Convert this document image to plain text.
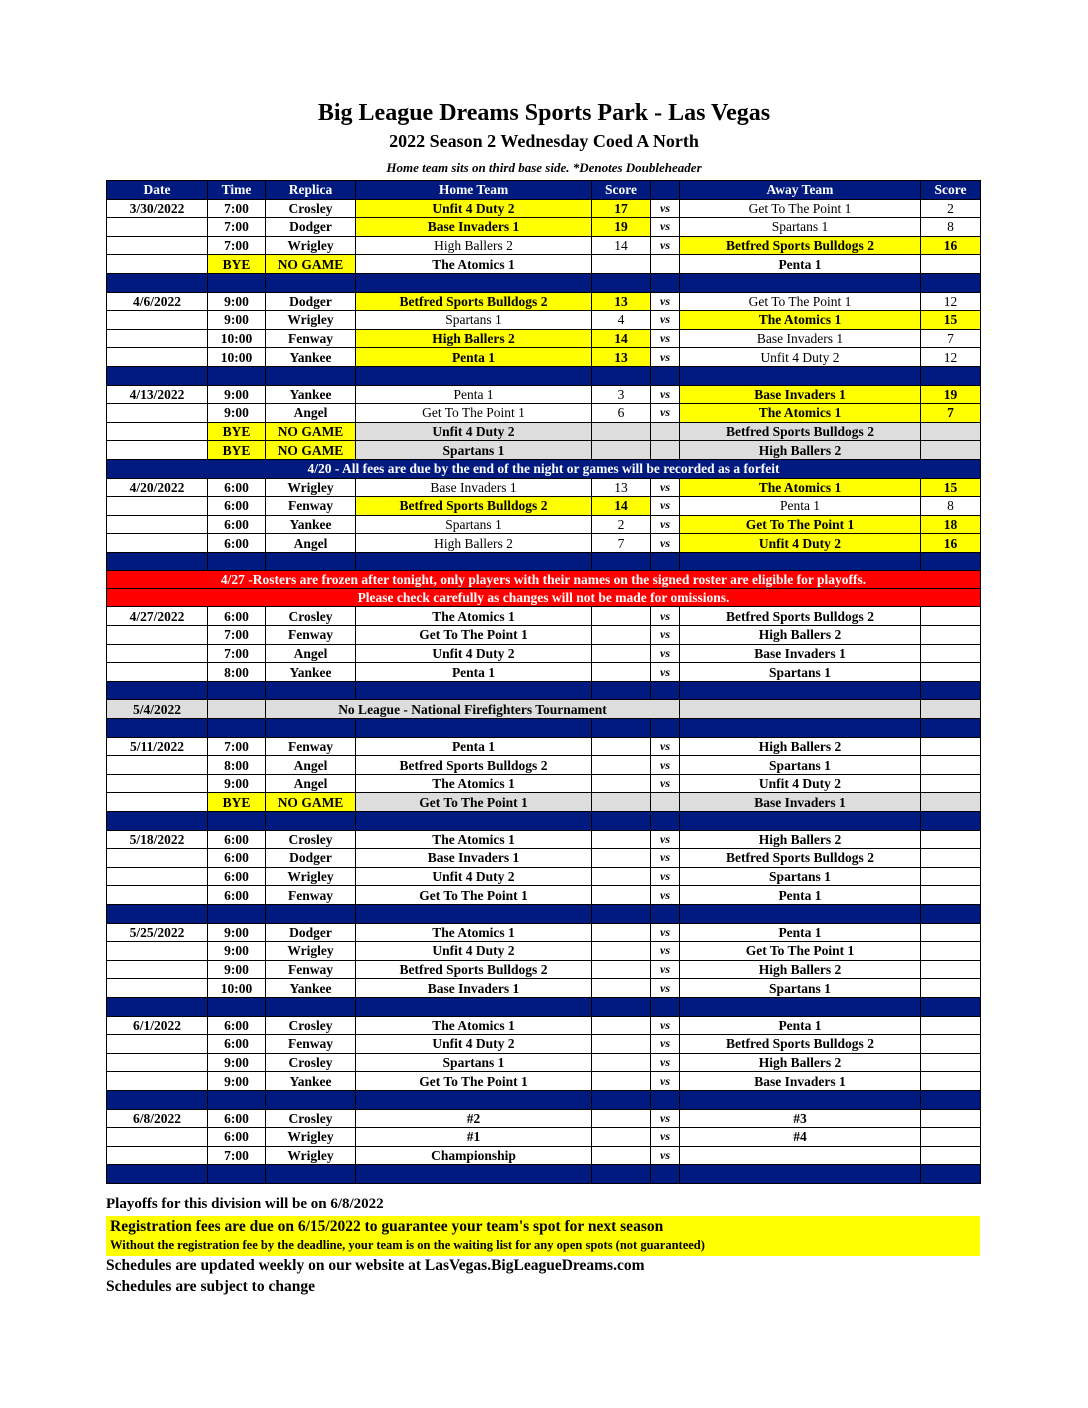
Big League Dreams Sports Park - Las Vegas
2022 Season 2 Wednesday Coed A North
Home team sits on third base side. *Denotes Doubleheader
Date	Time	Replica	Home Team	Score		Away Team	Score
3/30/2022	7:00	Crosley	Unfit 4 Duty 2	17	vs	Get To The Point 1	2
	7:00	Dodger	Base Invaders 1	19	vs	Spartans 1	8
	7:00	Wrigley	High Ballers 2	14	vs	Betfred Sports Bulldogs 2	16
	BYE	NO GAME	The Atomics 1			Penta 1	

4/6/2022	9:00	Dodger	Betfred Sports Bulldogs 2	13	vs	Get To The Point 1	12
	9:00	Wrigley	Spartans 1	4	vs	The Atomics 1	15
	10:00	Fenway	High Ballers 2	14	vs	Base Invaders 1	7
	10:00	Yankee	Penta 1	13	vs	Unfit 4 Duty 2	12

4/13/2022	9:00	Yankee	Penta 1	3	vs	Base Invaders 1	19
	9:00	Angel	Get To The Point 1	6	vs	The Atomics 1	7
	BYE	NO GAME	Unfit 4 Duty 2			Betfred Sports Bulldogs 2	
	BYE	NO GAME	Spartans 1			High Ballers 2	
4/20 - All fees are due by the end of the night or games will be recorded as a forfeit							
4/20/2022	6:00	Wrigley	Base Invaders 1	13	vs	The Atomics 1	15
	6:00	Fenway	Betfred Sports Bulldogs 2	14	vs	Penta 1	8
	6:00	Yankee	Spartans 1	2	vs	Get To The Point 1	18
	6:00	Angel	High Ballers 2	7	vs	Unfit 4 Duty 2	16

4/27 -Rosters are frozen after tonight, only players with their names on the signed roster are eligible for playoffs.							
Please check carefully as changes will not be made for omissions.							
4/27/2022	6:00	Crosley	The Atomics 1		vs	Betfred Sports Bulldogs 2	
	7:00	Fenway	Get To The Point 1		vs	High Ballers 2	
	7:00	Angel	Unfit 4 Duty 2		vs	Base Invaders 1	
	8:00	Yankee	Penta 1		vs	Spartans 1	

5/4/2022		No League - National Firefighters Tournament					

5/11/2022	7:00	Fenway	Penta 1		vs	High Ballers 2	
	8:00	Angel	Betfred Sports Bulldogs 2		vs	Spartans 1	
	9:00	Angel	The Atomics 1		vs	Unfit 4 Duty 2	
	BYE	NO GAME	Get To The Point 1			Base Invaders 1	

5/18/2022	6:00	Crosley	The Atomics 1		vs	High Ballers 2	
	6:00	Dodger	Base Invaders 1		vs	Betfred Sports Bulldogs 2	
	6:00	Wrigley	Unfit 4 Duty 2		vs	Spartans 1	
	6:00	Fenway	Get To The Point 1		vs	Penta 1	

5/25/2022	9:00	Dodger	The Atomics 1		vs	Penta 1	
	9:00	Wrigley	Unfit 4 Duty 2		vs	Get To The Point 1	
	9:00	Fenway	Betfred Sports Bulldogs 2		vs	High Ballers 2	
	10:00	Yankee	Base Invaders 1		vs	Spartans 1	

6/1/2022	6:00	Crosley	The Atomics 1		vs	Penta 1	
	6:00	Fenway	Unfit 4 Duty 2		vs	Betfred Sports Bulldogs 2	
	9:00	Crosley	Spartans 1		vs	High Ballers 2	
	9:00	Yankee	Get To The Point 1		vs	Base Invaders 1	

6/8/2022	6:00	Crosley	#2		vs	#3	
	6:00	Wrigley	#1		vs	#4	
	7:00	Wrigley	Championship		vs		

Playoffs for this division will be on 6/8/2022
Registration fees are due on 6/15/2022 to guarantee your team's spot for next season
Without the registration fee by the deadline, your team is on the waiting list for any open spots (not guaranteed)
Schedules are updated weekly on our website at LasVegas.BigLeagueDreams.com
Schedules are subject to change
